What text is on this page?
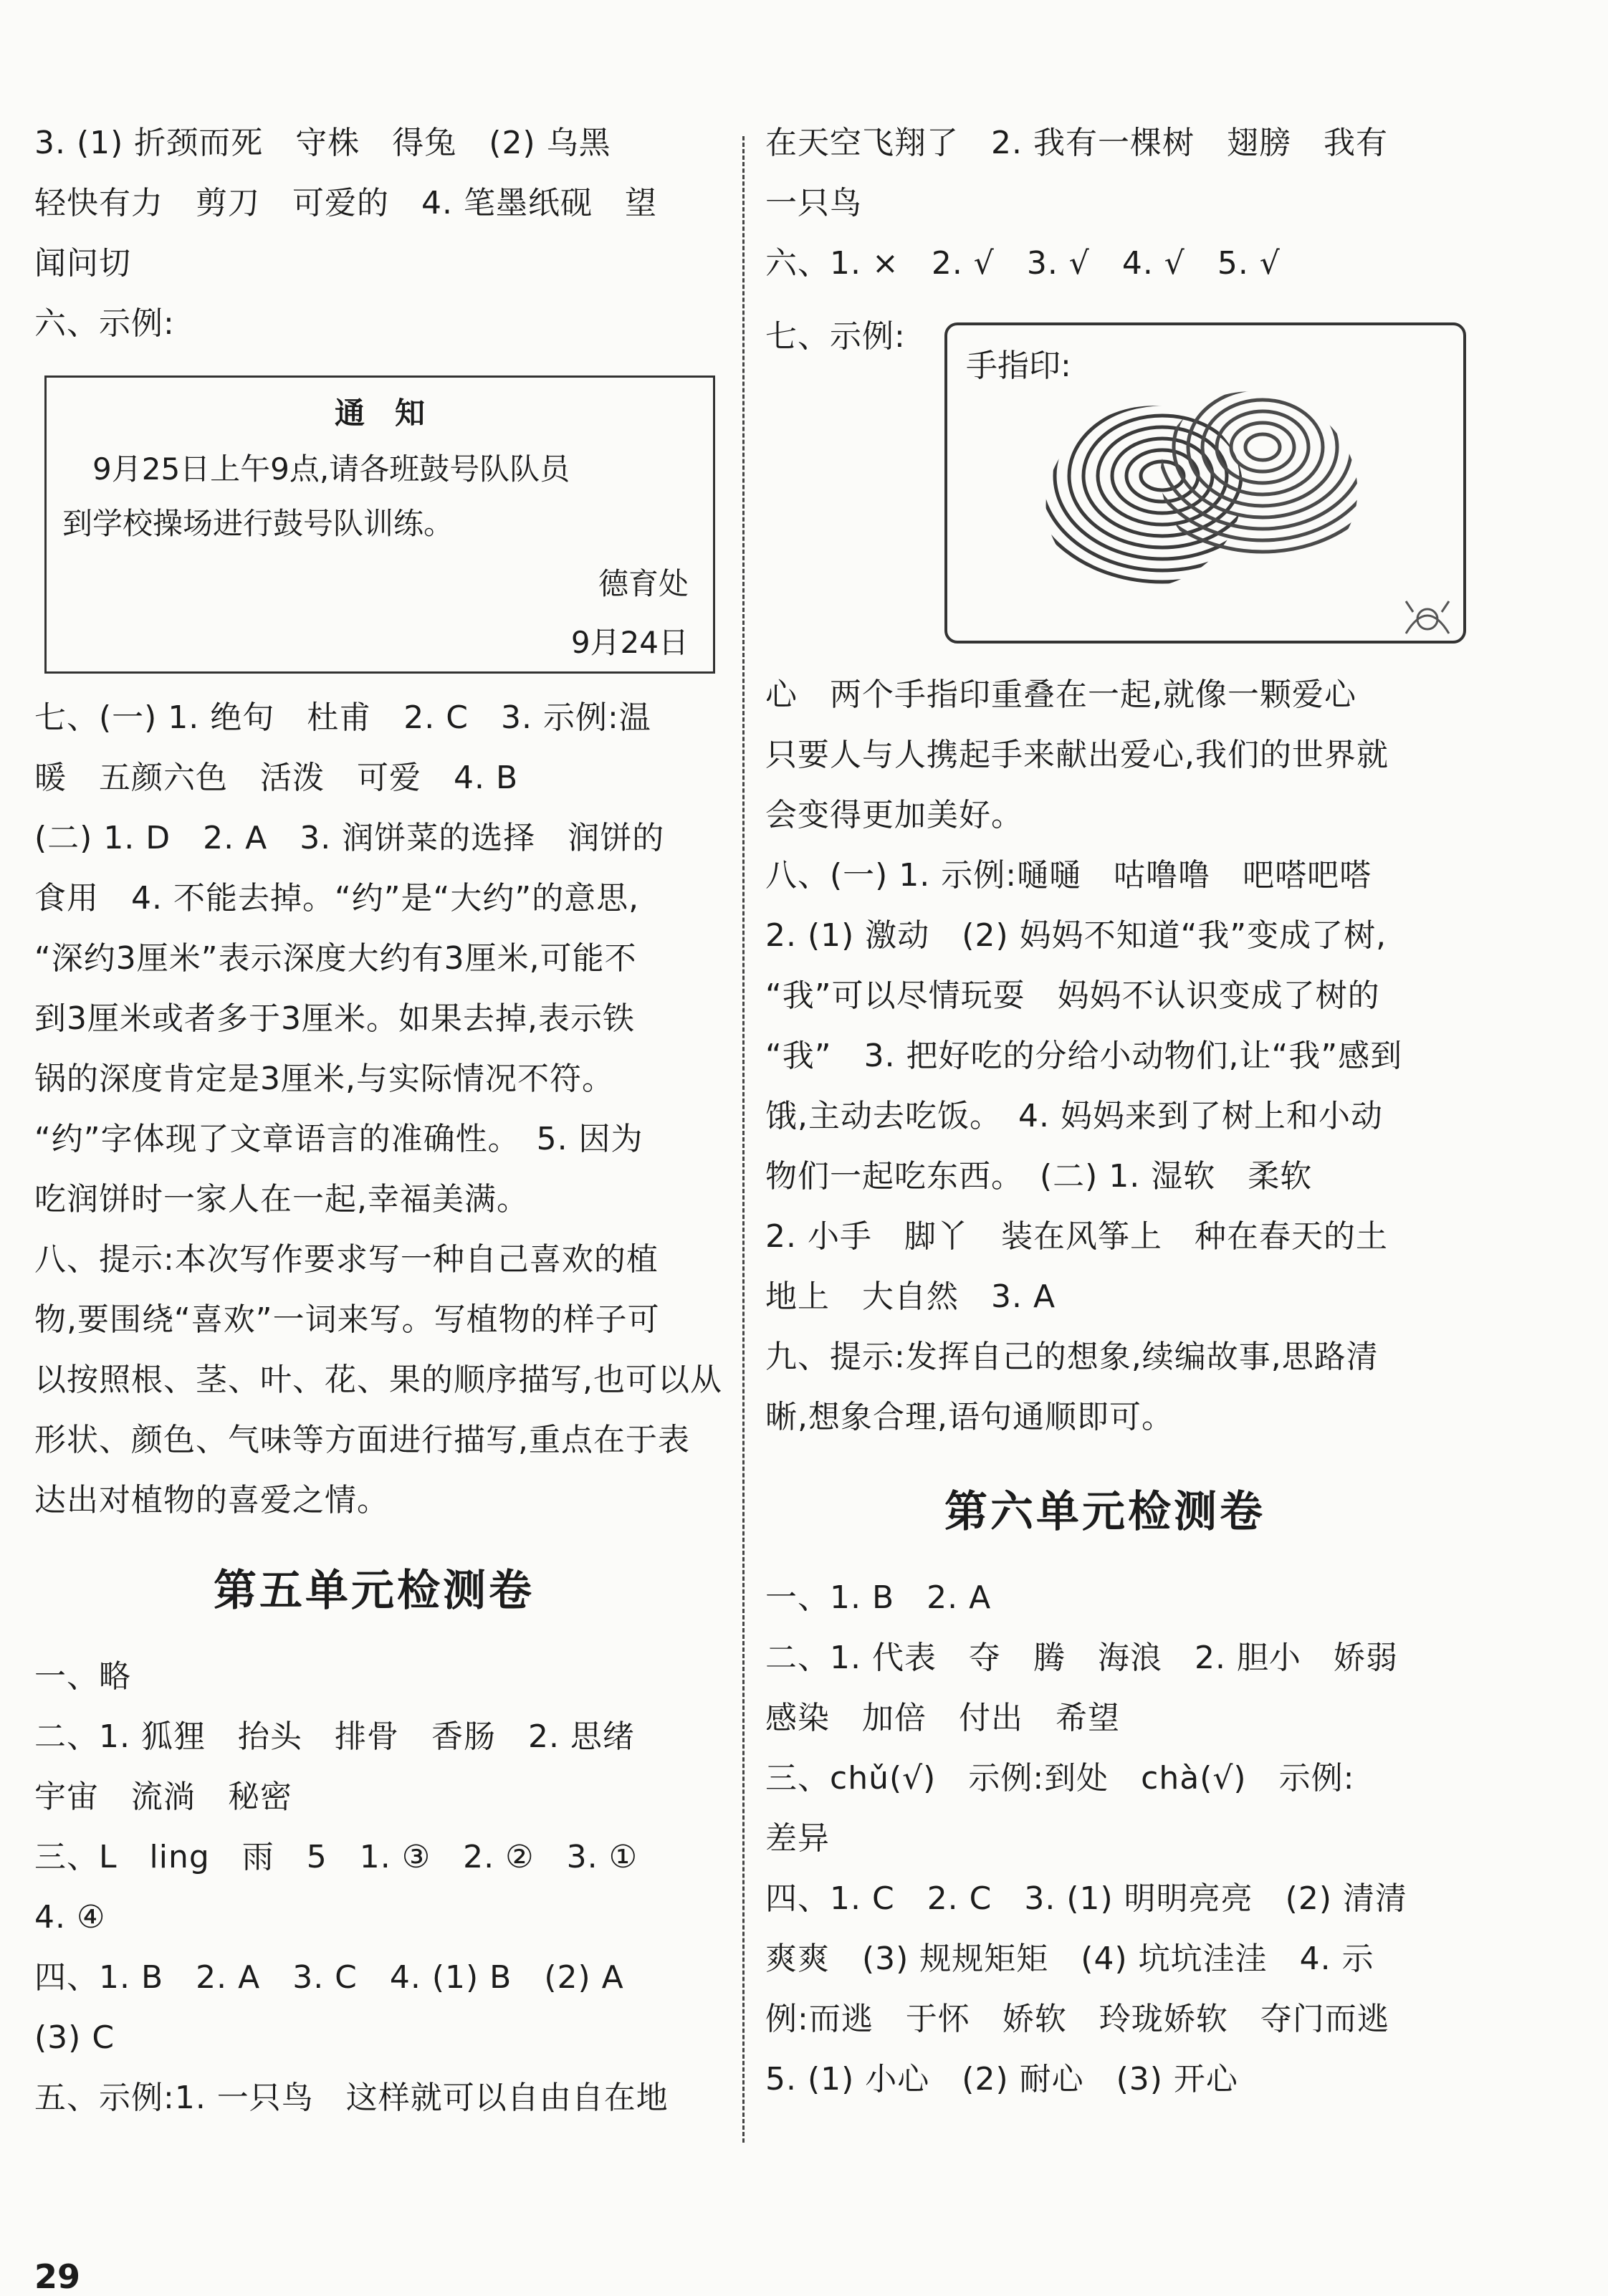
3. (1) 折颈而死　守株　得兔　(2) 乌黑
轻快有力　剪刀　可爱的　4. 笔墨纸砚　望
闻问切
六、示例:
通　知
　9月25日上午9点,请各班鼓号队队员
到学校操场进行鼓号队训练。
德育处
9月24日
七、(一) 1. 绝句　杜甫　2. C　3. 示例:温
暖　五颜六色　活泼　可爱　4. B
(二) 1. D　2. A　3. 润饼菜的选择　润饼的
食用　4. 不能去掉。“约”是“大约”的意思,
“深约3厘米”表示深度大约有3厘米,可能不
到3厘米或者多于3厘米。如果去掉,表示铁
锅的深度肯定是3厘米,与实际情况不符。
“约”字体现了文章语言的准确性。　5. 因为
吃润饼时一家人在一起,幸福美满。
八、提示:本次写作要求写一种自己喜欢的植
物,要围绕“喜欢”一词来写。写植物的样子可
以按照根、茎、叶、花、果的顺序描写,也可以从
形状、颜色、气味等方面进行描写,重点在于表
达出对植物的喜爱之情。
第五单元检测卷
一、略
二、1. 狐狸　抬头　排骨　香肠　2. 思绪
宇宙　流淌　秘密
三、L　ling　雨　5　1. ③　2. ②　3. ①
4. ④
四、1. B　2. A　3. C　4. (1) B　(2) A
(3) C
五、示例:1. 一只鸟　这样就可以自由自在地
29
在天空飞翔了　2. 我有一棵树　翅膀　我有
一只鸟
六、1. ×　2. √　3. √　4. √　5. √
七、示例:
手指印:
心　两个手指印重叠在一起,就像一颗爱心
只要人与人携起手来献出爱心,我们的世界就
会变得更加美好。
八、(一) 1. 示例:嗵嗵　咕噜噜　吧嗒吧嗒
2. (1) 激动　(2) 妈妈不知道“我”变成了树,
“我”可以尽情玩耍　妈妈不认识变成了树的
“我”　3. 把好吃的分给小动物们,让“我”感到
饿,主动去吃饭。　4. 妈妈来到了树上和小动
物们一起吃东西。　(二) 1. 湿软　柔软
2. 小手　脚丫　装在风筝上　种在春天的土
地上　大自然　3. A
九、提示:发挥自己的想象,续编故事,思路清
晰,想象合理,语句通顺即可。
第六单元检测卷
一、1. B　2. A
二、1. 代表　夺　腾　海浪　2. 胆小　娇弱
感染　加倍　付出　希望
三、chǔ(√)　示例:到处　chà(√)　示例:
差异
四、1. C　2. C　3. (1) 明明亮亮　(2) 清清
爽爽　(3) 规规矩矩　(4) 坑坑洼洼　4. 示
例:而逃　于怀　娇软　玲珑娇软　夺门而逃
5. (1) 小心　(2) 耐心　(3) 开心
